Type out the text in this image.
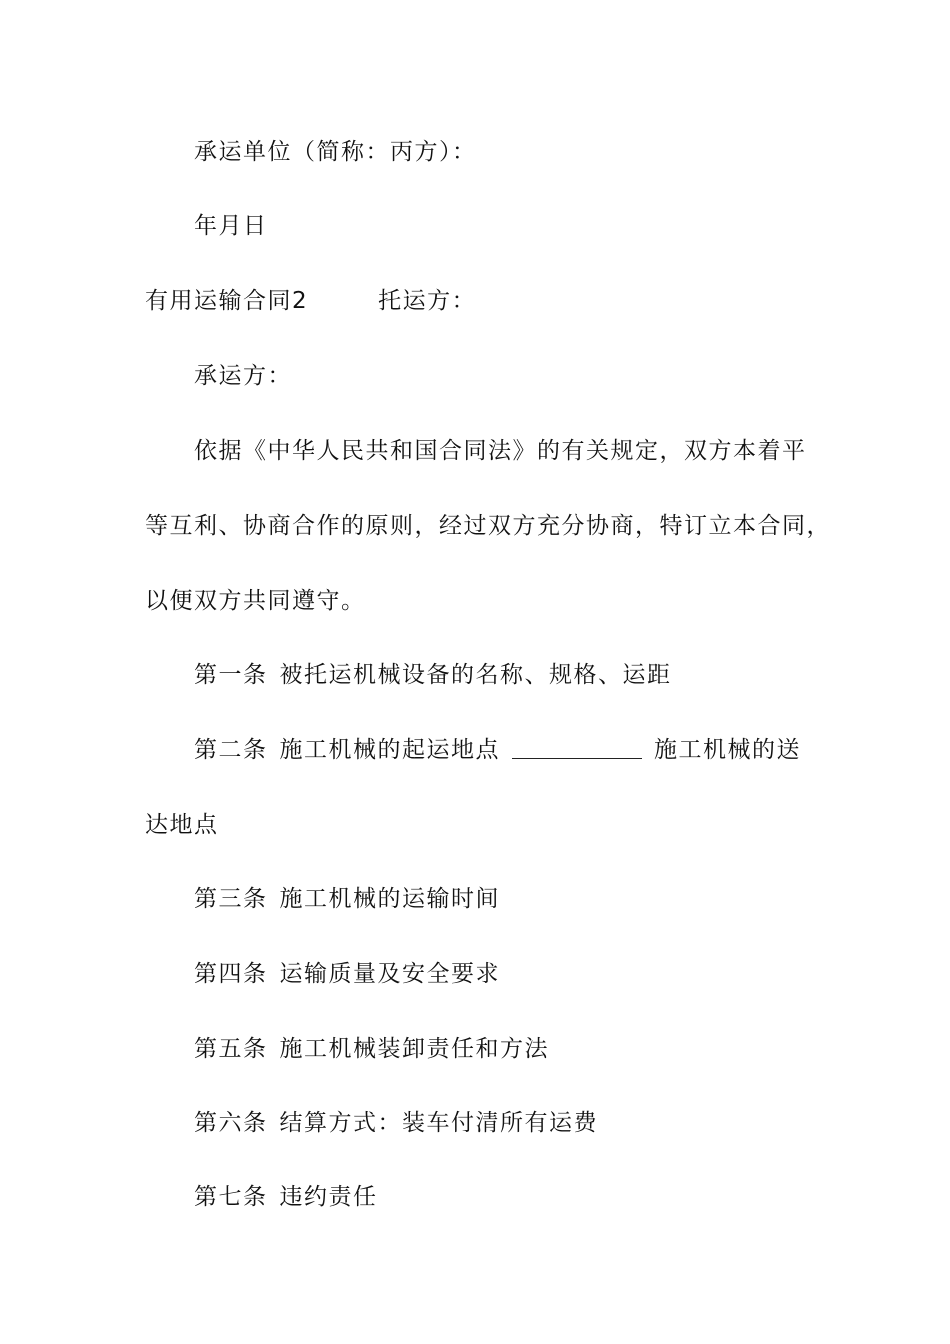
承运单位（简称：丙方）：
年月日
有用运输合同2	托运方：
承运方：
依据《中华人民共和国合同法》的有关规定，双方本着平
等互利、协商合作的原则，经过双方充分协商，特订立本合同，
以便双方共同遵守。
第一条 被托运机械设备的名称、规格、运距
第二条 施工机械的起运地点	施工机械的送
达地点
第三条 施工机械的运输时间
第四条 运输质量及安全要求
第五条 施工机械装卸责任和方法
第六条 结算方式：装车付清所有运费
第七条 违约责任
